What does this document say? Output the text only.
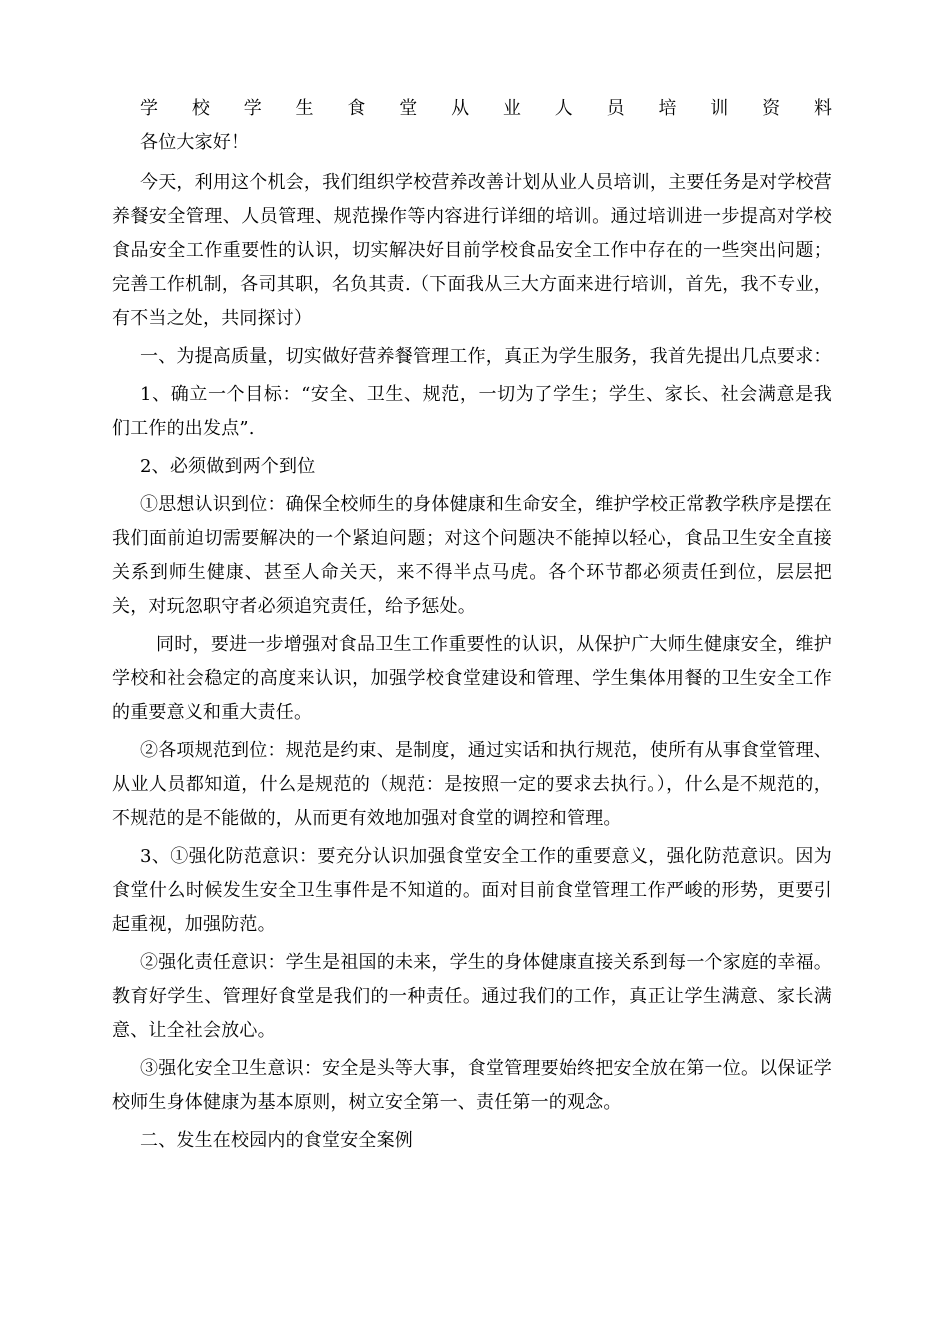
学 校 学 生 食 堂 从 业 人 员 培 训 资 料

各位大家好！

今天，利用这个机会，我们组织学校营养改善计划从业人员培训，主要任务是对学校营养餐安全管理、人员管理、规范操作等内容进行详细的培训。通过培训进一步提高对学校食品安全工作重要性的认识，切实解决好目前学校食品安全工作中存在的一些突出问题；完善工作机制，各司其职，名负其责.（下面我从三大方面来进行培训，首先，我不专业，有不当之处，共同探讨）

一、为提高质量，切实做好营养餐管理工作，真正为学生服务，我首先提出几点要求：

1、确立一个目标：“安全、卫生、规范，一切为了学生；学生、家长、社会满意是我们工作的出发点”.

2、必须做到两个到位

①思想认识到位：确保全校师生的身体健康和生命安全，维护学校正常教学秩序是摆在我们面前迫切需要解决的一个紧迫问题；对这个问题决不能掉以轻心，食品卫生安全直接关系到师生健康、甚至人命关天，来不得半点马虎。各个环节都必须责任到位，层层把关，对玩忽职守者必须追究责任，给予惩处。

同时，要进一步增强对食品卫生工作重要性的认识，从保护广大师生健康安全，维护学校和社会稳定的高度来认识，加强学校食堂建设和管理、学生集体用餐的卫生安全工作的重要意义和重大责任。

②各项规范到位：规范是约束、是制度，通过实话和执行规范，使所有从事食堂管理、从业人员都知道，什么是规范的（规范：是按照一定的要求去执行。），什么是不规范的，不规范的是不能做的，从而更有效地加强对食堂的调控和管理。

3、①强化防范意识：要充分认识加强食堂安全工作的重要意义，强化防范意识。因为食堂什么时候发生安全卫生事件是不知道的。面对目前食堂管理工作严峻的形势，更要引起重视，加强防范。

②强化责任意识：学生是祖国的未来，学生的身体健康直接关系到每一个家庭的幸福。教育好学生、管理好食堂是我们的一种责任。通过我们的工作，真正让学生满意、家长满意、让全社会放心。

③强化安全卫生意识：安全是头等大事，食堂管理要始终把安全放在第一位。以保证学校师生身体健康为基本原则，树立安全第一、责任第一的观念。

二、发生在校园内的食堂安全案例
